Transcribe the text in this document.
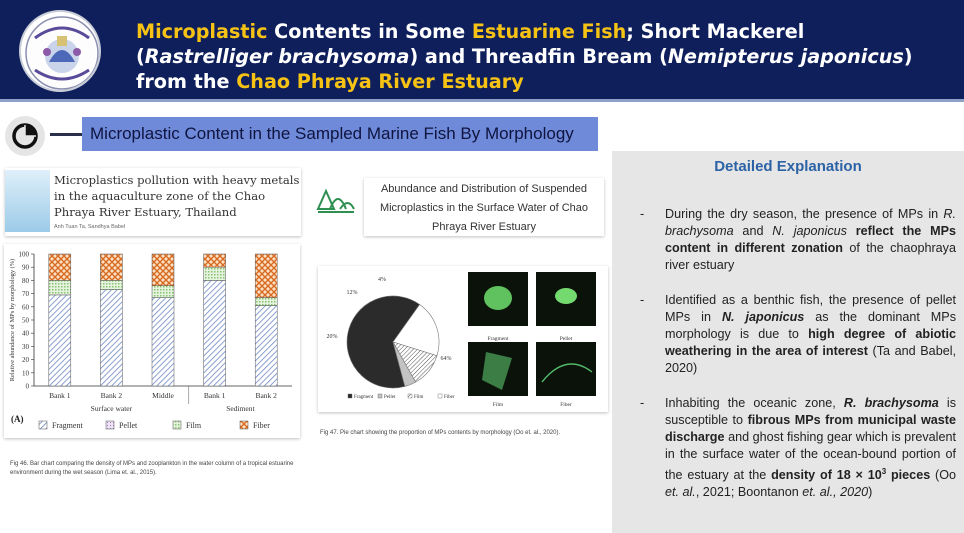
Microplastic Contents in Some Estuarine Fish; Short Mackerel (Rastrelliger brachysoma) and Threadfin Bream (Nemipterus japonicus) from the Chao Phraya River Estuary
Microplastic Content in the Sampled Marine Fish By Morphology
Microplastics pollution with heavy metals in the aquaculture zone of the Chao Phraya River Estuary, Thailand
Anh Tuan Ta, Sandhya Babel
Abundance and Distribution of Suspended Microplastics in the Surface Water of Chao Phraya River Estuary
0
10
20
30
40
50
60
70
80
90
100
Relative abundance of MPs by morphology (%)
Bank 1	Bank 2	Middle	Bank 1	Bank 2
Surface water	Sediment
(A)
Fragment	Pellet	Film	Fiber
Fig 46. Bar chart comparing the density of MPs and zooplankton in the water column of a tropical estuarine environment during the wet season (Lima et. al., 2015).
64%
20%
12%
4%
Fragment Pellet	Film	Fiber
Fragment	Pellet
Film	Fiber
Fig 47. Pie chart showing the proportion of MPs contents by morphology (Oo et. al., 2020).
Detailed Explanation
- During the dry season, the presence of MPs in R. brachysoma and N. japonicus reflect the MPs content in different zonation of the chaophraya river estuary
- Identified as a benthic fish, the presence of pellet MPs in N. japonicus as the dominant MPs morphology is due to high degree of abiotic weathering in the area of interest (Ta and Babel, 2020)
- Inhabiting the oceanic zone, R. brachysoma is susceptible to fibrous MPs from municipal waste discharge and ghost fishing gear which is prevalent in the surface water of the ocean-bound portion of the estuary at the density of $18 \times 10^3$ pieces (Oo et. al., 2021; Boontanon et. al., 2020)
